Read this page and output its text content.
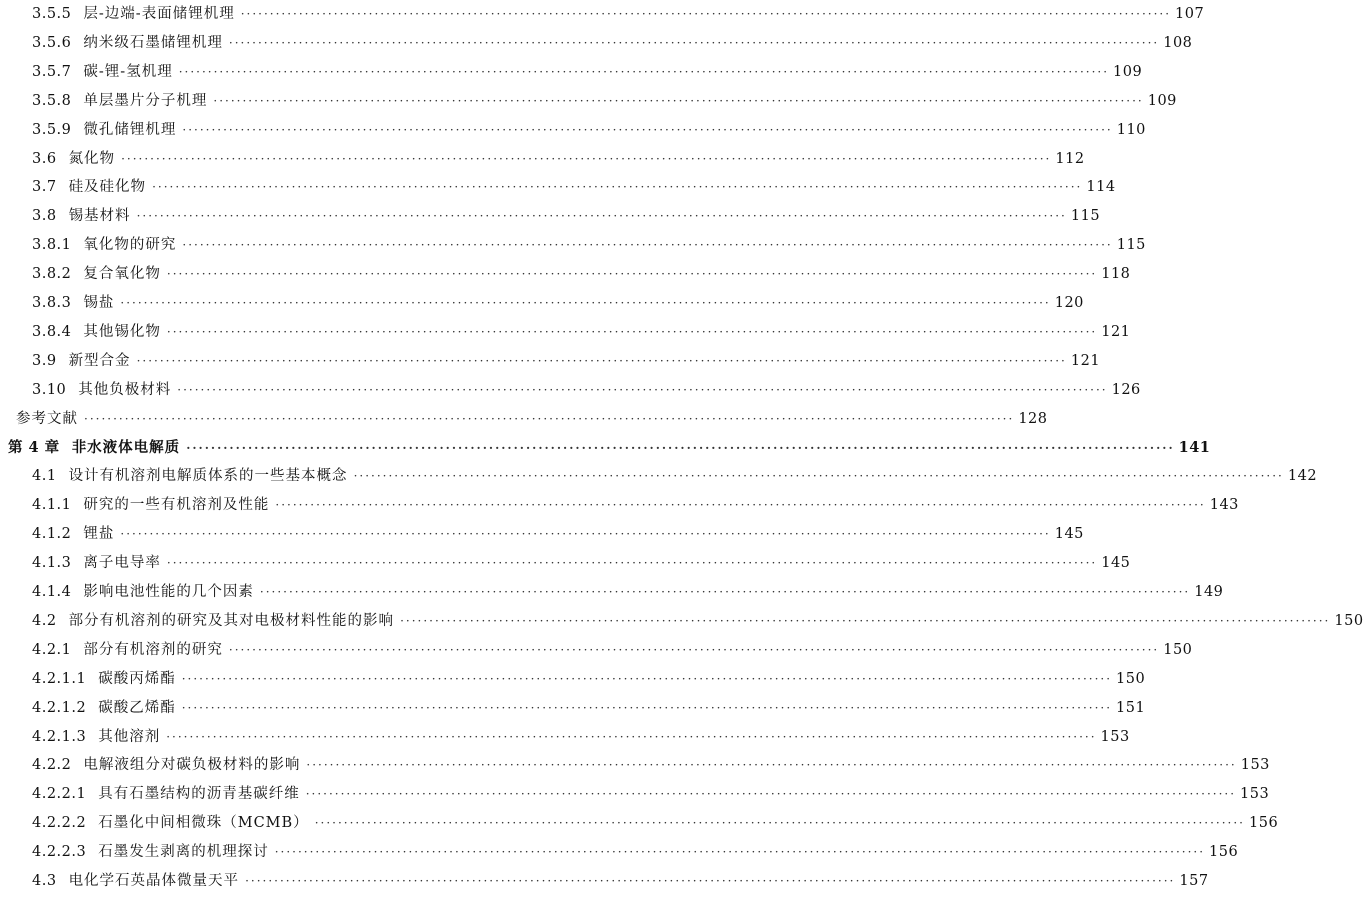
3.5.5 层-边端-表面储锂机理 ································································································································································ 107
3.5.6 纳米级石墨储锂机理 ································································································································································ 108
3.5.7 碳-锂-氢机理 ································································································································································ 109
3.5.8 单层墨片分子机理 ································································································································································ 109
3.5.9 微孔储锂机理 ································································································································································ 110
3.6 氮化物 ································································································································································ 112
3.7 硅及硅化物 ································································································································································ 114
3.8 锡基材料 ································································································································································ 115
3.8.1 氧化物的研究 ································································································································································ 115
3.8.2 复合氧化物 ································································································································································ 118
3.8.3 锡盐 ································································································································································ 120
3.8.4 其他锡化物 ································································································································································ 121
3.9 新型合金 ································································································································································ 121
3.10 其他负极材料 ································································································································································ 126
参考文献 ································································································································································ 128
第 4 章 非水液体电解质 ································································································································································ 141
4.1 设计有机溶剂电解质体系的一些基本概念 ································································································································································ 142
4.1.1 研究的一些有机溶剂及性能 ································································································································································ 143
4.1.2 锂盐 ································································································································································ 145
4.1.3 离子电导率 ································································································································································ 145
4.1.4 影响电池性能的几个因素 ································································································································································ 149
4.2 部分有机溶剂的研究及其对电极材料性能的影响 ································································································································································ 150
4.2.1 部分有机溶剂的研究 ································································································································································ 150
4.2.1.1 碳酸丙烯酯 ································································································································································ 150
4.2.1.2 碳酸乙烯酯 ································································································································································ 151
4.2.1.3 其他溶剂 ································································································································································ 153
4.2.2 电解液组分对碳负极材料的影响 ································································································································································ 153
4.2.2.1 具有石墨结构的沥青基碳纤维 ································································································································································ 153
4.2.2.2 石墨化中间相微珠（MCMB） ································································································································································ 156
4.2.2.3 石墨发生剥离的机理探讨 ································································································································································ 156
4.3 电化学石英晶体微量天平 ································································································································································ 157
